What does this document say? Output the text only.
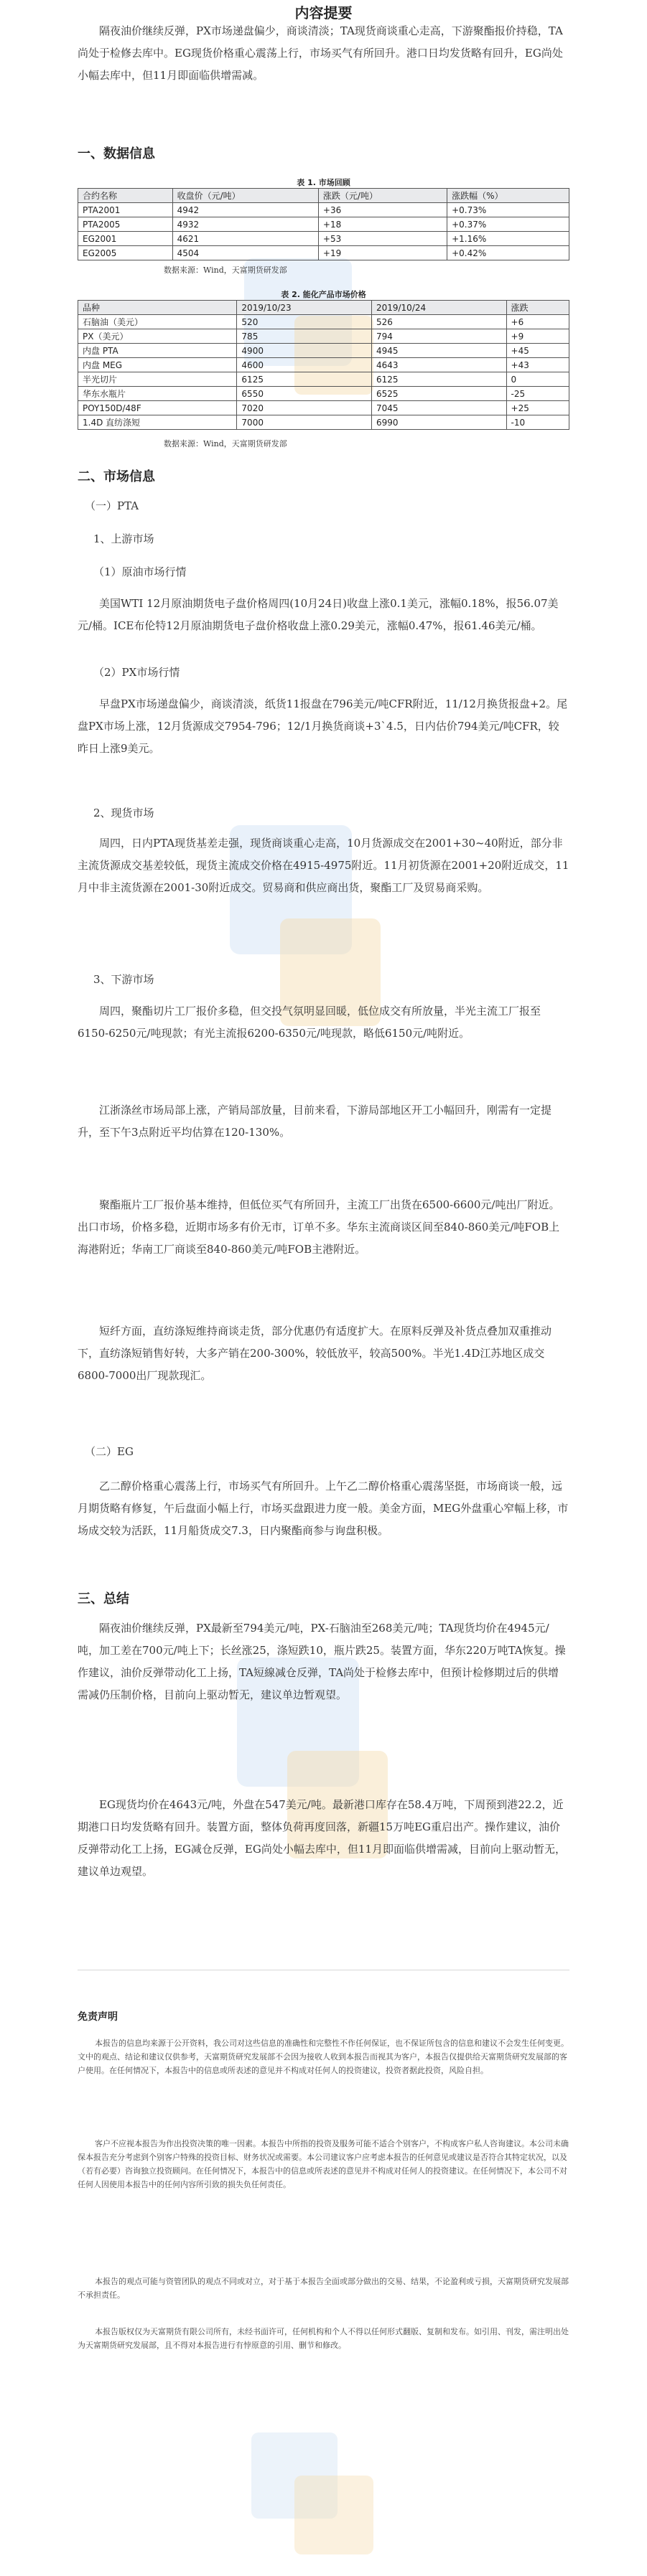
内容提要

隔夜油价继续反弹，PX市场递盘偏少，商谈清淡；TA现货商谈重心走高，下游聚酯报价持稳，TA尚处于检修去库中。EG现货价格重心震荡上行，市场买气有所回升。港口日均发货略有回升，EG尚处小幅去库中，但11月即面临供增需减。

一、数据信息

表 1. 市场回顾

合约名称	收盘价（元/吨）	涨跌（元/吨）	涨跌幅（%）
PTA2001	4942	+36	+0.73%
PTA2005	4932	+18	+0.37%
EG2001	4621	+53	+1.16%
EG2005	4504	+19	+0.42%

数据来源：Wind，天富期货研发部

表 2. 能化产品市场价格

品种	2019/10/23	2019/10/24	涨跌
石脑油（美元）	520	526	+6
PX（美元）	785	794	+9
内盘 PTA	4900	4945	+45
内盘 MEG	4600	4643	+43
半光切片	6125	6125	0
华东水瓶片	6550	6525	-25
POY150D/48F	7020	7045	+25
1.4D 直纺涤短	7000	6990	-10

数据来源：Wind，天富期货研发部

二、市场信息

（一）PTA

1、上游市场

（1）原油市场行情

美国WTI 12月原油期货电子盘价格周四(10月24日)收盘上涨0.1美元，涨幅0.18%，报56.07美元/桶。ICE布伦特12月原油期货电子盘价格收盘上涨0.29美元，涨幅0.47%，报61.46美元/桶。

（2）PX市场行情

早盘PX市场递盘偏少，商谈清淡，纸货11报盘在796美元/吨CFR附近，11/12月换货报盘+2。尾盘PX市场上涨，12月货源成交7954-796；12/1月换货商谈+3`4.5，日内估价794美元/吨CFR，较昨日上涨9美元。

2、现货市场

周四，日内PTA现货基差走强，现货商谈重心走高，10月货源成交在2001+30~40附近，部分非主流货源成交基差较低，现货主流成交价格在4915-4975附近。11月初货源在2001+20附近成交，11月中非主流货源在2001-30附近成交。贸易商和供应商出货，聚酯工厂及贸易商采购。

3、下游市场

周四，聚酯切片工厂报价多稳，但交投气氛明显回暖，低位成交有所放量，半光主流工厂报至6150-6250元/吨现款；有光主流报6200-6350元/吨现款，略低6150元/吨附近。

江浙涤丝市场局部上涨，产销局部放量，目前来看，下游局部地区开工小幅回升，刚需有一定提升，至下午3点附近平均估算在120-130%。

聚酯瓶片工厂报价基本维持，但低位买气有所回升，主流工厂出货在6500-6600元/吨出厂附近。出口市场，价格多稳，近期市场多有价无市，订单不多。华东主流商谈区间至840-860美元/吨FOB上海港附近；华南工厂商谈至840-860美元/吨FOB主港附近。

短纤方面，直纺涤短维持商谈走货，部分优惠仍有适度扩大。在原料反弹及补货点叠加双重推动下，直纺涤短销售好转，大多产销在200-300%，较低放平，较高500%。半光1.4D江苏地区成交6800-7000出厂现款现汇。

（二）EG

乙二醇价格重心震荡上行，市场买气有所回升。上午乙二醇价格重心震荡坚挺，市场商谈一般，远月期货略有修复，午后盘面小幅上行，市场买盘跟进力度一般。美金方面，MEG外盘重心窄幅上移，市场成交较为活跃，11月船货成交7.3，日内聚酯商参与询盘积极。

三、总结

隔夜油价继续反弹，PX最新至794美元/吨，PX-石脑油至268美元/吨；TA现货均价在4945元/吨，加工差在700元/吨上下；长丝涨25，涤短跌10，瓶片跌25。装置方面，华东220万吨TA恢复。操作建议，油价反弹带动化工上扬，TA短線减仓反弹，TA尚处于检修去库中，但预计检修期过后的供增需减仍压制价格，目前向上驱动暂无，建议单边暂观望。

EG现货均价在4643元/吨，外盘在547美元/吨。最新港口库存在58.4万吨，下周预到港22.2，近期港口日均发货略有回升。装置方面，整体负荷再度回落，新疆15万吨EG重启出产。操作建议，油价反弹带动化工上扬，EG减仓反弹，EG尚处小幅去库中，但11月即面临供增需减，目前向上驱动暂无，建议单边观望。

免责声明

本报告的信息均来源于公开资料，我公司对这些信息的准确性和完整性不作任何保证，也不保证所包含的信息和建议不会发生任何变更。文中的观点、结论和建议仅供参考，天富期货研究发展部不会因为接收人收到本报告而视其为客户，本报告仅提供给天富期货研究发展部的客户使用。在任何情况下，本报告中的信息或所表述的意见并不构成对任何人的投资建议，投资者据此投资，风险自担。

客户不应视本报告为作出投资决策的唯一因素。本报告中所指的投资及服务可能不适合个别客户，不构成客户私人咨询建议。本公司未确保本报告充分考虑到个别客户特殊的投资目标、财务状况或需要。本公司建议客户应考虑本报告的任何意见或建议是否符合其特定状况，以及（若有必要）咨询独立投资顾问。在任何情况下，本报告中的信息或所表述的意见并不构成对任何人的投资建议。在任何情况下，本公司不对任何人因使用本报告中的任何内容所引致的损失负任何责任。

本报告的观点可能与资管团队的观点不同或对立，对于基于本报告全面或部分做出的交易、结果，不论盈利或亏损，天富期货研究发展部不承担责任。

本报告版权仅为天富期货有限公司所有，未经书面许可，任何机构和个人不得以任何形式翻版、复制和发布。如引用、刊发，需注明出处为天富期货研究发展部，且不得对本报告进行有悖原意的引用、删节和修改。
